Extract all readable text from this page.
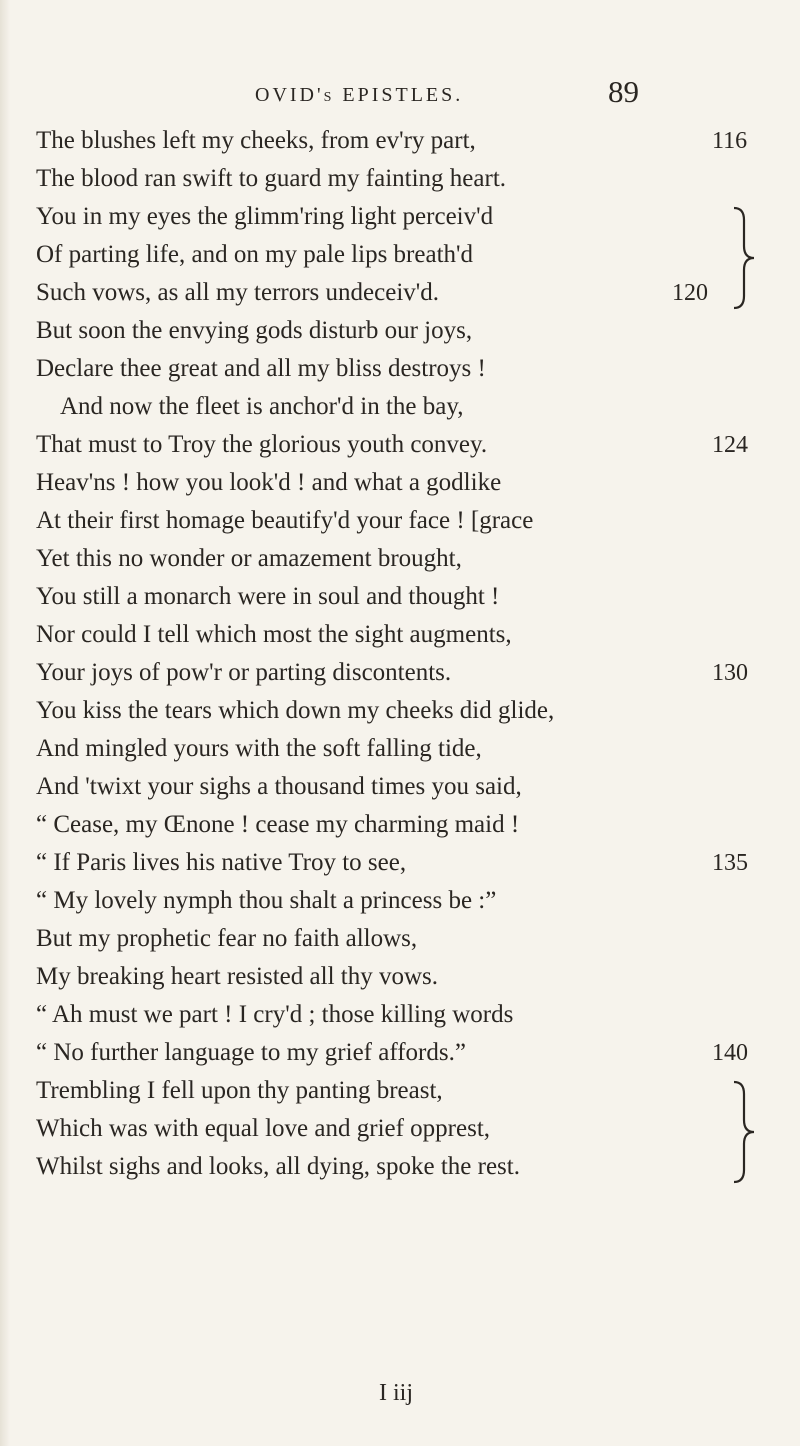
OVID's EPISTLES.	89
The blushes left my cheeks, from ev'ry part,
The blood ran swift to guard my fainting heart.
You in my eyes the glimm'ring light perceiv'd
Of parting life, and on my pale lips breath'd
Such vows, as all my terrors undeceiv'd.
But soon the envying gods disturb our joys,
Declare thee great and all my bliss destroys !
And now the fleet is anchor'd in the bay,
That must to Troy the glorious youth convey.
Heav'ns ! how you look'd ! and what a godlike
At their first homage beautify'd your face ! [grace
Yet this no wonder or amazement brought,
You still a monarch were in soul and thought !
Nor could I tell which most the sight augments,
Your joys of pow'r or parting discontents.
You kiss the tears which down my cheeks did glide,
And mingled yours with the soft falling tide,
And 'twixt your sighs a thousand times you said,
“ Cease, my Œnone ! cease my charming maid !
“ If Paris lives his native Troy to see,
“ My lovely nymph thou shalt a princess be :”
But my prophetic fear no faith allows,
My breaking heart resisted all thy vows.
“ Ah must we part ! I cry'd ; those killing words
“ No further language to my grief affords.”
Trembling I fell upon thy panting breast,
Which was with equal love and grief opprest,
Whilst sighs and looks, all dying, spoke the rest.
116
120
124
130
135
140
I iij
